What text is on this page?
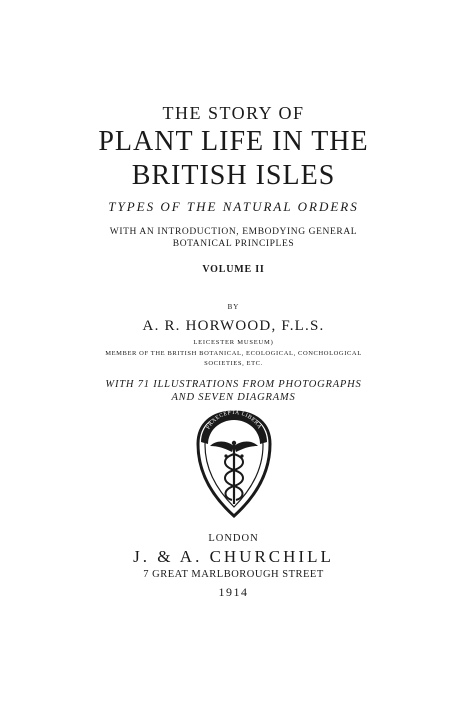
THE STORY OF
PLANT LIFE IN THE
BRITISH ISLES
TYPES OF THE NATURAL ORDERS
WITH AN INTRODUCTION, EMBODYING GENERAL
BOTANICAL PRINCIPLES
VOLUME II
BY
A. R. HORWOOD, F.L.S.
LEICESTER MUSEUM)
MEMBER OF THE BRITISH BOTANICAL, ECOLOGICAL, CONCHOLOGICAL
SOCIETIES, ETC.
WITH 71 ILLUSTRATIONS FROM PHOTOGRAPHS
AND SEVEN DIAGRAMS
PRAECEPTA LIBERA
LONDON
J. & A. CHURCHILL
7 GREAT MARLBOROUGH STREET
1914
